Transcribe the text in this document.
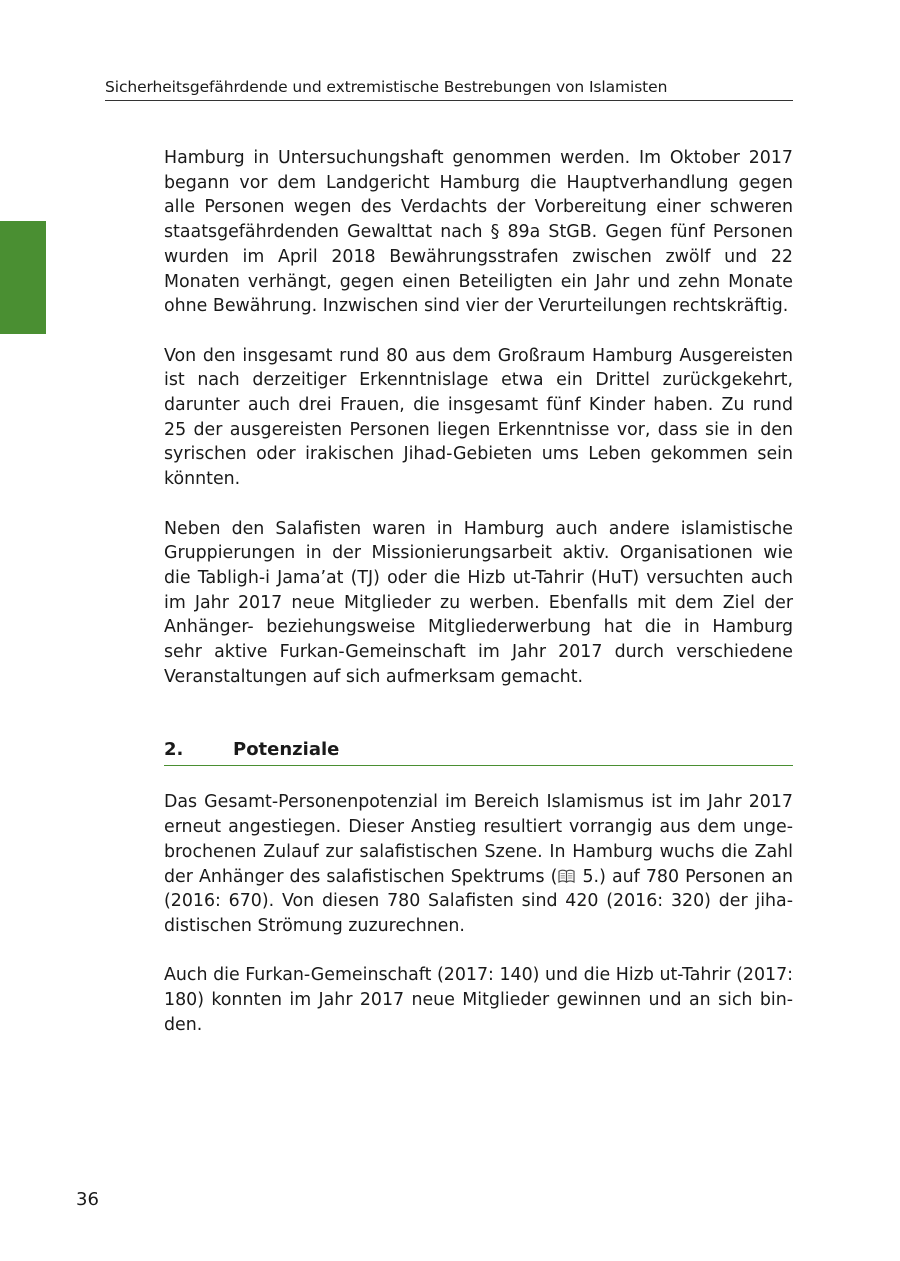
Sicherheitsgefährdende und extremistische Bestrebungen von Islamisten

Hamburg in Untersuchungshaft genommen werden. Im Oktober 2017 begann vor dem Landgericht Hamburg die Hauptverhandlung gegen alle Personen wegen des Verdachts der Vorbereitung einer schweren staatsgefährdenden Gewalttat nach § 89a StGB. Gegen fünf Personen wurden im April 2018 Bewährungsstrafen zwischen zwölf und 22 Monaten verhängt, gegen einen Beteiligten ein Jahr und zehn Monate ohne Bewährung. Inzwischen sind vier der Verurteilungen rechtskräftig.

Von den insgesamt rund 80 aus dem Großraum Hamburg Ausgereisten ist nach derzeitiger Erkenntnislage etwa ein Drittel zurückgekehrt, darunter auch drei Frauen, die insgesamt fünf Kinder haben. Zu rund 25 der ausgereisten Personen liegen Erkenntnisse vor, dass sie in den syrischen oder irakischen Jihad-Gebieten ums Leben gekommen sein könnten.

Neben den Salafisten waren in Hamburg auch andere islamistische Gruppierungen in der Missionierungsarbeit aktiv. Organisationen wie die Tabligh-i Jama’at (TJ) oder die Hizb ut-Tahrir (HuT) versuchten auch im Jahr 2017 neue Mitglieder zu werben. Ebenfalls mit dem Ziel der Anhänger- beziehungsweise Mitgliederwerbung hat die in Hamburg sehr aktive Furkan-Gemeinschaft im Jahr 2017 durch verschiedene Veranstaltungen auf sich aufmerksam gemacht.

2.	Potenziale

Das Gesamt-Personenpotenzial im Bereich Islamismus ist im Jahr 2017 erneut angestiegen. Dieser Anstieg resultiert vorrangig aus dem ungebrochenen Zulauf zur salafistischen Szene. In Hamburg wuchs die Zahl der Anhänger des salafistischen Spektrums (
5.) auf 780 Personen an (2016: 670). Von diesen 780 Salafisten sind 420 (2016: 320) der jihadistischen Strömung zuzurechnen.

Auch die Furkan-Gemeinschaft (2017: 140) und die Hizb ut-Tahrir (2017: 180) konnten im Jahr 2017 neue Mitglieder gewinnen und an sich binden.

36
